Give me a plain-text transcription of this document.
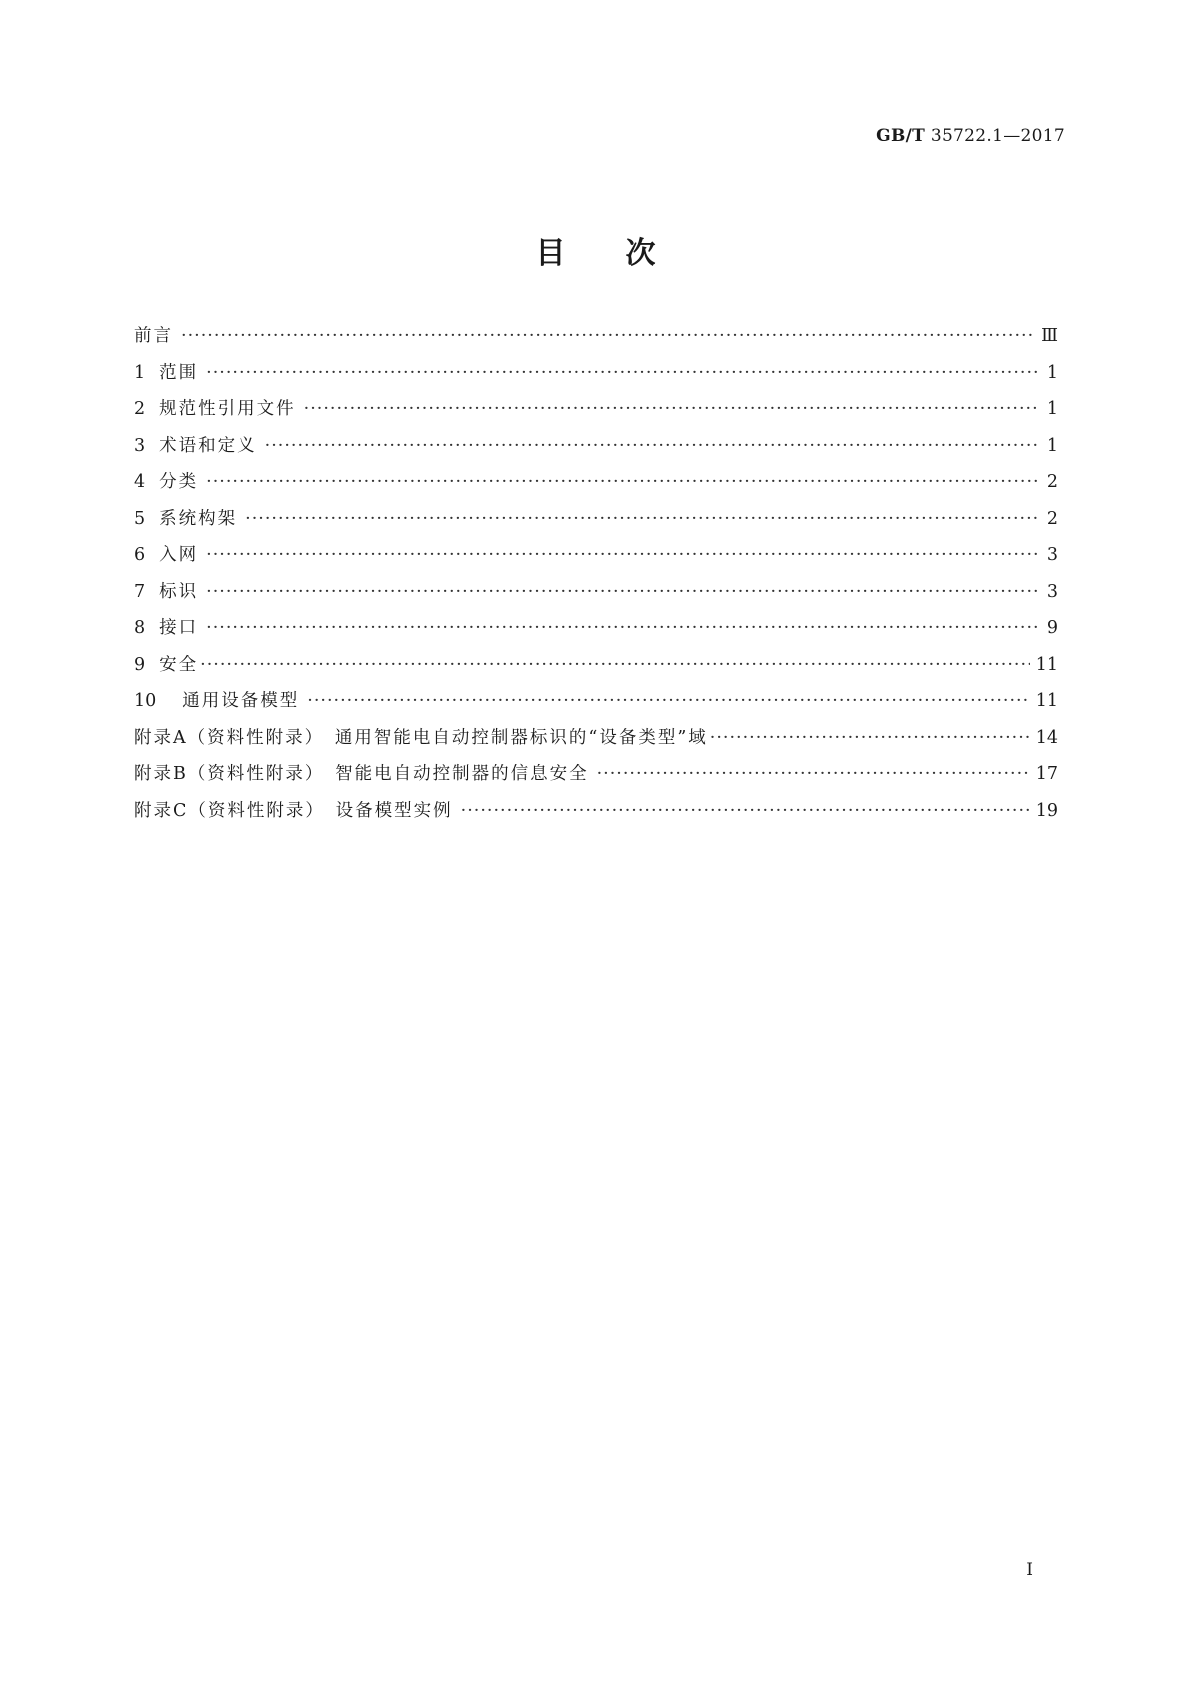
GB/T 35722.1—2017
目　　次
前言 ·····	Ⅲ
1 范围 ·····	1
2 规范性引用文件 ·····	1
3 术语和定义 ·····	1
4 分类 ·····	2
5 系统构架 ·····	2
6 入网 ·····	3
7 标识 ·····	3
8 接口 ·····	9
9 安全 ·····	11
10 通用设备模型 ·····	11
附录A（资料性附录）　通用智能电自动控制器标识的“设备类型”域 ·····	14
附录B（资料性附录）　智能电自动控制器的信息安全 ·····	17
附录C（资料性附录）　设备模型实例 ·····	19
I
